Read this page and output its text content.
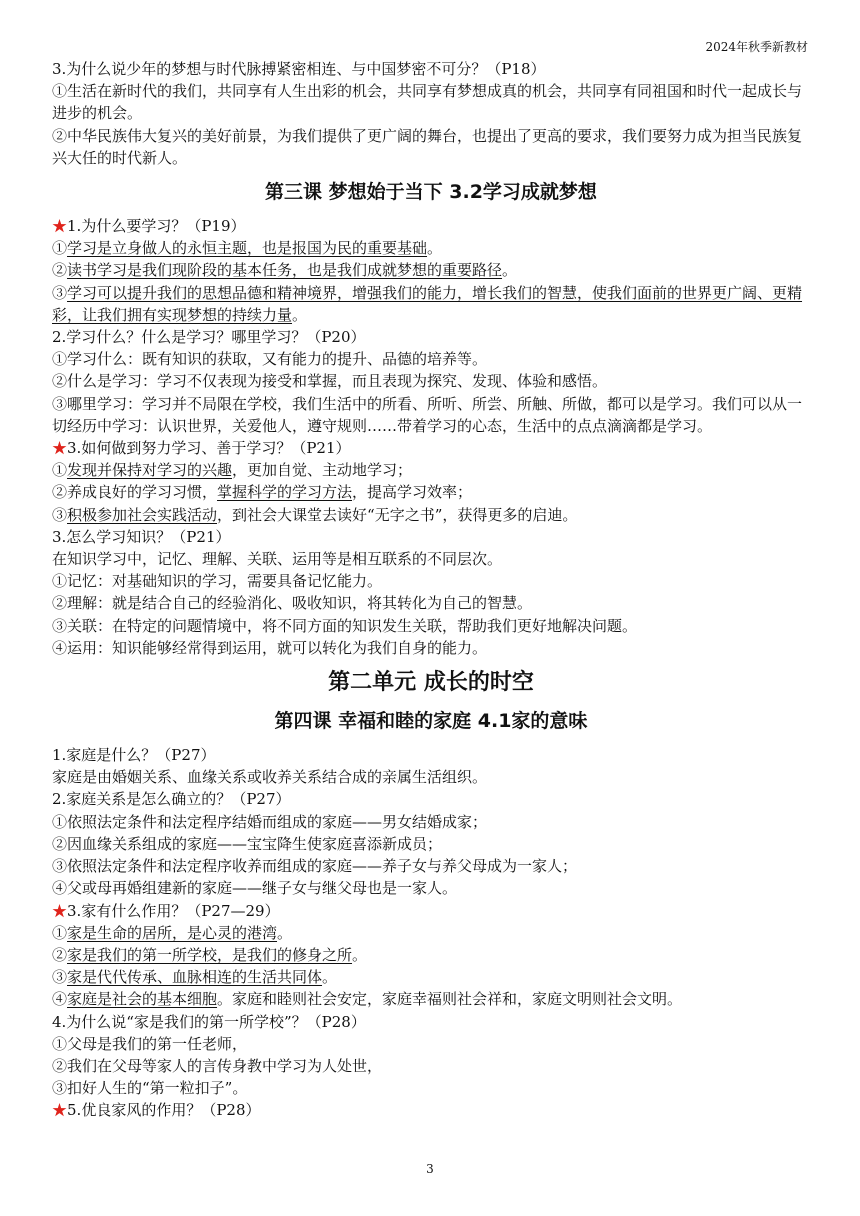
2024年秋季新教材
3.为什么说少年的梦想与时代脉搏紧密相连、与中国梦密不可分？（P18）
①生活在新时代的我们，共同享有人生出彩的机会，共同享有梦想成真的机会，共同享有同祖国和时代一起成长与进步的机会。
②中华民族伟大复兴的美好前景，为我们提供了更广阔的舞台，也提出了更高的要求，我们要努力成为担当民族复兴大任的时代新人。
第三课 梦想始于当下 3.2学习成就梦想
★1.为什么要学习？（P19）
①学习是立身做人的永恒主题，也是报国为民的重要基础。
②读书学习是我们现阶段的基本任务，也是我们成就梦想的重要路径。
③学习可以提升我们的思想品德和精神境界，增强我们的能力，增长我们的智慧，使我们面前的世界更广阔、更精彩，让我们拥有实现梦想的持续力量。
2.学习什么？什么是学习？哪里学习？（P20）
①学习什么：既有知识的获取，又有能力的提升、品德的培养等。
②什么是学习：学习不仅表现为接受和掌握，而且表现为探究、发现、体验和感悟。
③哪里学习：学习并不局限在学校，我们生活中的所看、所听、所尝、所触、所做，都可以是学习。我们可以从一切经历中学习：认识世界，关爱他人，遵守规则……带着学习的心态，生活中的点点滴滴都是学习。
★3.如何做到努力学习、善于学习？（P21）
①发现并保持对学习的兴趣，更加自觉、主动地学习；
②养成良好的学习习惯，掌握科学的学习方法，提高学习效率；
③积极参加社会实践活动，到社会大课堂去读好“无字之书”，获得更多的启迪。
3.怎么学习知识？（P21）
在知识学习中，记忆、理解、关联、运用等是相互联系的不同层次。
①记忆：对基础知识的学习，需要具备记忆能力。
②理解：就是结合自己的经验消化、吸收知识，将其转化为自己的智慧。
③关联：在特定的问题情境中，将不同方面的知识发生关联，帮助我们更好地解决问题。
④运用：知识能够经常得到运用，就可以转化为我们自身的能力。
第二单元 成长的时空
第四课 幸福和睦的家庭 4.1家的意味
1.家庭是什么？（P27）
家庭是由婚姻关系、血缘关系或收养关系结合成的亲属生活组织。
2.家庭关系是怎么确立的？（P27）
①依照法定条件和法定程序结婚而组成的家庭——男女结婚成家；
②因血缘关系组成的家庭——宝宝降生使家庭喜添新成员；
③依照法定条件和法定程序收养而组成的家庭——养子女与养父母成为一家人；
④父或母再婚组建新的家庭——继子女与继父母也是一家人。
★3.家有什么作用？（P27—29）
①家是生命的居所，是心灵的港湾。
②家是我们的第一所学校，是我们的修身之所。
③家是代代传承、血脉相连的生活共同体。
④家庭是社会的基本细胞。家庭和睦则社会安定，家庭幸福则社会祥和，家庭文明则社会文明。
4.为什么说“家是我们的第一所学校”？（P28）
①父母是我们的第一任老师，
②我们在父母等家人的言传身教中学习为人处世，
③扣好人生的“第一粒扣子”。
★5.优良家风的作用？（P28）
3
